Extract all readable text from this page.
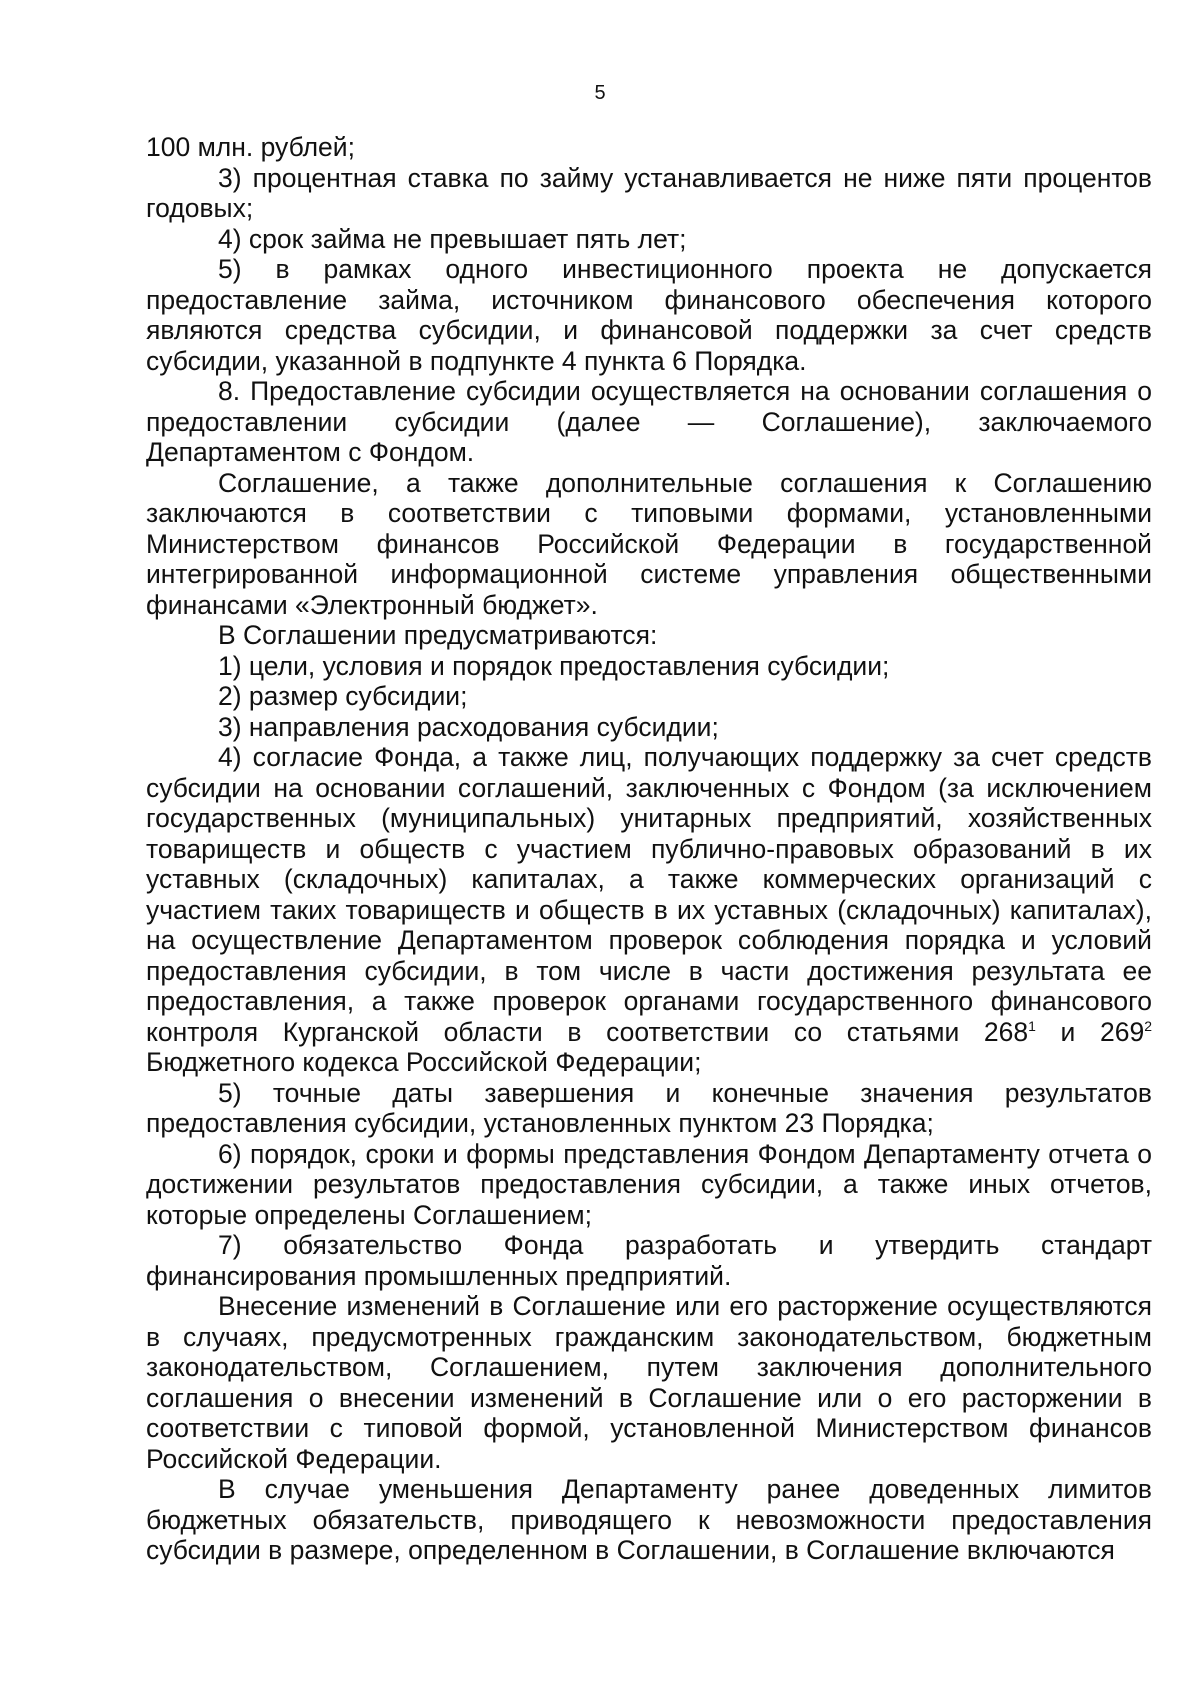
5

100 млн. рублей;

3) процентная ставка по займу устанавливается не ниже пяти процентов годовых;

4) срок займа не превышает пять лет;

5) в рамках одного инвестиционного проекта не допускается предоставление займа, источником финансового обеспечения которого являются средства субсидии, и финансовой поддержки за счет средств субсидии, указанной в подпункте 4 пункта 6 Порядка.

8. Предоставление субсидии осуществляется на основании соглашения о предоставлении субсидии (далее — Соглашение), заключаемого Департаментом с Фондом.

Соглашение, а также дополнительные соглашения к Соглашению заключаются в соответствии с типовыми формами, установленными Министерством финансов Российской Федерации в государственной интегрированной информационной системе управления общественными финансами «Электронный бюджет».

В Соглашении предусматриваются:

1) цели, условия и порядок предоставления субсидии;

2) размер субсидии;

3) направления расходования субсидии;

4) согласие Фонда, а также лиц, получающих поддержку за счет средств субсидии на основании соглашений, заключенных с Фондом (за исключением государственных (муниципальных) унитарных предприятий, хозяйственных товариществ и обществ с участием публично-правовых образований в их уставных (складочных) капиталах, а также коммерческих организаций с участием таких товариществ и обществ в их уставных (складочных) капиталах), на осуществление Департаментом проверок соблюдения порядка и условий предоставления субсидии, в том числе в части достижения результата ее предоставления, а также проверок органами государственного финансового контроля Курганской области в соответствии со статьями $268^1$ и $269^2$ Бюджетного кодекса Российской Федерации;

5) точные даты завершения и конечные значения результатов предоставления субсидии, установленных пунктом 23 Порядка;

6) порядок, сроки и формы представления Фондом Департаменту отчета о достижении результатов предоставления субсидии, а также иных отчетов, которые определены Соглашением;

7) обязательство Фонда разработать и утвердить стандарт финансирования промышленных предприятий.

Внесение изменений в Соглашение или его расторжение осуществляются в случаях, предусмотренных гражданским законодательством, бюджетным законодательством, Соглашением, путем заключения дополнительного соглашения о внесении изменений в Соглашение или о его расторжении в соответствии с типовой формой, установленной Министерством финансов Российской Федерации.

В случае уменьшения Департаменту ранее доведенных лимитов бюджетных обязательств, приводящего к невозможности предоставления субсидии в размере, определенном в Соглашении, в Соглашение включаются
